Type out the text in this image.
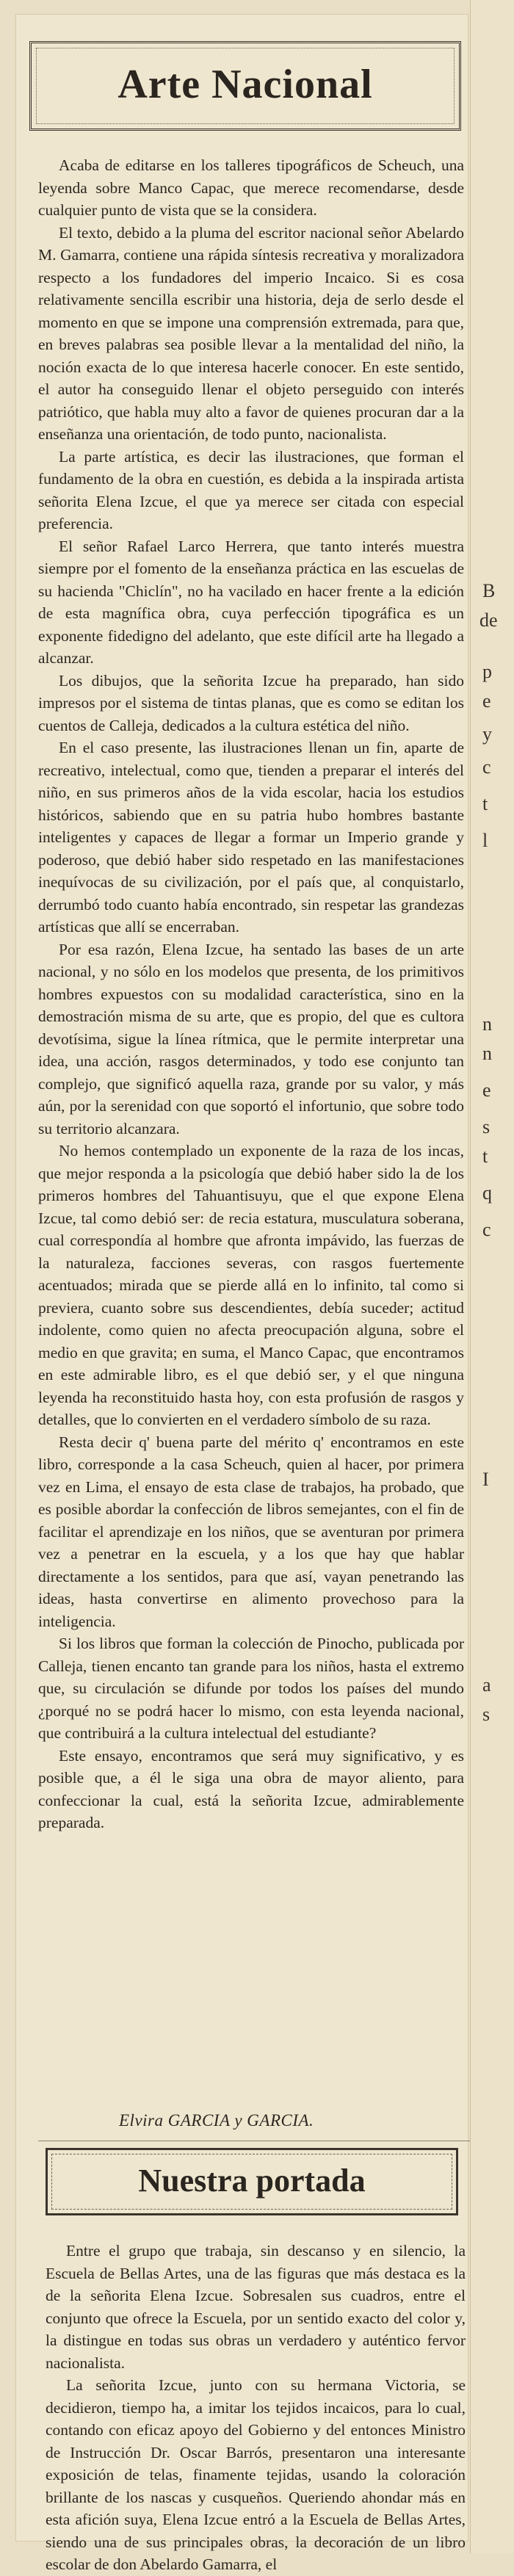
Arte Nacional

Acaba de editarse en los talleres tipográficos de Scheuch, una leyenda sobre Manco Capac, que merece recomendarse, desde cualquier punto de vista que se la considera.

El texto, debido a la pluma del escritor nacional señor Abelardo M. Gamarra, contiene una rápida síntesis recreativa y moralizadora respecto a los fundadores del imperio Incaico. Si es cosa relativamente sencilla escribir una historia, deja de serlo desde el momento en que se impone una comprensión extremada, para que, en breves palabras sea posible llevar a la mentalidad del niño, la noción exacta de lo que interesa hacerle conocer. En este sentido, el autor ha conseguido llenar el objeto perseguido con interés patriótico, que habla muy alto a favor de quienes procuran dar a la enseñanza una orientación, de todo punto, nacionalista.

La parte artística, es decir las ilustraciones, que forman el fundamento de la obra en cuestión, es debida a la inspirada artista señorita Elena Izcue, el que ya merece ser citada con especial preferencia.

El señor Rafael Larco Herrera, que tanto interés muestra siempre por el fomento de la enseñanza práctica en las escuelas de su hacienda "Chiclín", no ha vacilado en hacer frente a la edición de esta magnífica obra, cuya perfección tipográfica es un exponente fidedigno del adelanto, que este difícil arte ha llegado a alcanzar.

Los dibujos, que la señorita Izcue ha preparado, han sido impresos por el sistema de tintas planas, que es como se editan los cuentos de Calleja, dedicados a la cultura estética del niño.

En el caso presente, las ilustraciones llenan un fin, aparte de recreativo, intelectual, como que, tienden a preparar el interés del niño, en sus primeros años de la vida escolar, hacia los estudios históricos, sabiendo que en su patria hubo hombres bastante inteligentes y capaces de llegar a formar un Imperio grande y poderoso, que debió haber sido respetado en las manifestaciones inequívocas de su civilización, por el país que, al conquistarlo, derrumbó todo cuanto había encontrado, sin respetar las grandezas artísticas que allí se encerraban.

Por esa razón, Elena Izcue, ha sentado las bases de un arte nacional, y no sólo en los modelos que presenta, de los primitivos hombres expuestos con su modalidad característica, sino en la demostración misma de su arte, que es propio, del que es cultora devotísima, sigue la línea rítmica, que le permite interpretar una idea, una acción, rasgos determinados, y todo ese conjunto tan complejo, que significó aquella raza, grande por su valor, y más aún, por la serenidad con que soportó el infortunio, que sobre todo su territorio alcanzara.

No hemos contemplado un exponente de la raza de los incas, que mejor responda a la psicología que debió haber sido la de los primeros hombres del Tahuantisuyu, que el que expone Elena Izcue, tal como debió ser: de recia estatura, musculatura soberana, cual correspondía al hombre que afronta impávido, las fuerzas de la naturaleza, facciones severas, con rasgos fuertemente acentuados; mirada que se pierde allá en lo infinito, tal como si previera, cuanto sobre sus descendientes, debía suceder; actitud indolente, como quien no afecta preocupación alguna, sobre el medio en que gravita; en suma, el Manco Capac, que encontramos en este admirable libro, es el que debió ser, y el que ninguna leyenda ha reconstituido hasta hoy, con esta profusión de rasgos y detalles, que lo convierten en el verdadero símbolo de su raza.

Resta decir q' buena parte del mérito q' encontramos en este libro, corresponde a la casa Scheuch, quien al hacer, por primera vez en Lima, el ensayo de esta clase de trabajos, ha probado, que es posible abordar la confección de libros semejantes, con el fin de facilitar el aprendizaje en los niños, que se aventuran por primera vez a penetrar en la escuela, y a los que hay que hablar directamente a los sentidos, para que así, vayan penetrando las ideas, hasta convertirse en alimento provechoso para la inteligencia.

Si los libros que forman la colección de Pinocho, publicada por Calleja, tienen encanto tan grande para los niños, hasta el extremo que, su circulación se difunde por todos los países del mundo ¿porqué no se podrá hacer lo mismo, con esta leyenda nacional, que contribuirá a la cultura intelectual del estudiante?

Este ensayo, encontramos que será muy significativo, y es posible que, a él le siga una obra de mayor aliento, para confeccionar la cual, está la señorita Izcue, admirablemente preparada.

Elvira GARCIA y GARCIA.
Nuestra portada

Entre el grupo que trabaja, sin descanso y en silencio, la Escuela de Bellas Artes, una de las figuras que más destaca es la de la señorita Elena Izcue. Sobresalen sus cuadros, entre el conjunto que ofrece la Escuela, por un sentido exacto del color y, la distingue en todas sus obras un verdadero y auténtico fervor nacionalista.

La señorita Izcue, junto con su hermana Victoria, se decidieron, tiempo ha, a imitar los tejidos incaicos, para lo cual, contando con eficaz apoyo del Gobierno y del entonces Ministro de Instrucción Dr. Oscar Barrós, presentaron una interesante exposición de telas, finamente tejidas, usando la coloración brillante de los nascas y cusqueños. Queriendo ahondar más en esta afición suya, Elena Izcue entró a la Escuela de Bellas Artes, siendo una de sus principales obras, la decoración de un libro escolar de don Abelardo Gamarra, el

B
de
p
e
y
c
t
l
n
n
e
s
t
q
c
I
a
s
